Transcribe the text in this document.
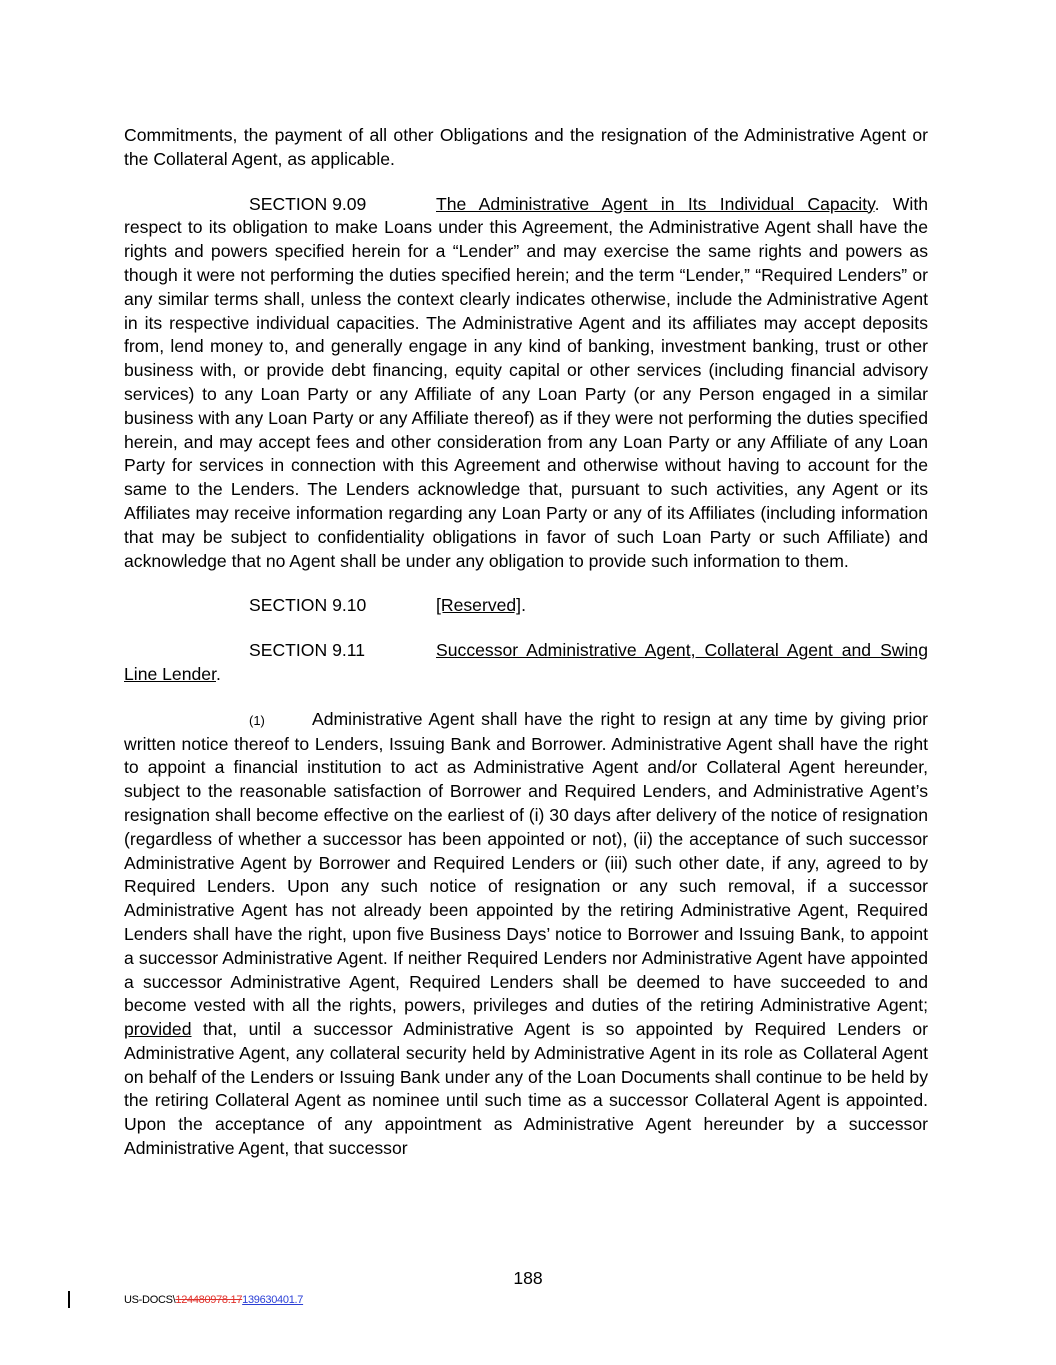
Commitments, the payment of all other Obligations and the resignation of the Administrative Agent or the Collateral Agent, as applicable.

SECTION 9.09	The Administrative Agent in Its Individual Capacity. With respect to its obligation to make Loans under this Agreement, the Administrative Agent shall have the rights and powers specified herein for a “Lender” and may exercise the same rights and powers as though it were not performing the duties specified herein; and the term “Lender,” “Required Lenders” or any similar terms shall, unless the context clearly indicates otherwise, include the Administrative Agent in its respective individual capacities. The Administrative Agent and its affiliates may accept deposits from, lend money to, and generally engage in any kind of banking, investment banking, trust or other business with, or provide debt financing, equity capital or other services (including financial advisory services) to any Loan Party or any Affiliate of any Loan Party (or any Person engaged in a similar business with any Loan Party or any Affiliate thereof) as if they were not performing the duties specified herein, and may accept fees and other consideration from any Loan Party or any Affiliate of any Loan Party for services in connection with this Agreement and otherwise without having to account for the same to the Lenders. The Lenders acknowledge that, pursuant to such activities, any Agent or its Affiliates may receive information regarding any Loan Party or any of its Affiliates (including information that may be subject to confidentiality obligations in favor of such Loan Party or such Affiliate) and acknowledge that no Agent shall be under any obligation to provide such information to them.

SECTION 9.10	[Reserved].

SECTION 9.11	Successor Administrative Agent, Collateral Agent and Swing Line Lender.

(1)	Administrative Agent shall have the right to resign at any time by giving prior written notice thereof to Lenders, Issuing Bank and Borrower. Administrative Agent shall have the right to appoint a financial institution to act as Administrative Agent and/or Collateral Agent hereunder, subject to the reasonable satisfaction of Borrower and Required Lenders, and Administrative Agent’s resignation shall become effective on the earliest of (i) 30 days after delivery of the notice of resignation (regardless of whether a successor has been appointed or not), (ii) the acceptance of such successor Administrative Agent by Borrower and Required Lenders or (iii) such other date, if any, agreed to by Required Lenders. Upon any such notice of resignation or any such removal, if a successor Administrative Agent has not already been appointed by the retiring Administrative Agent, Required Lenders shall have the right, upon five Business Days’ notice to Borrower and Issuing Bank, to appoint a successor Administrative Agent. If neither Required Lenders nor Administrative Agent have appointed a successor Administrative Agent, Required Lenders shall be deemed to have succeeded to and become vested with all the rights, powers, privileges and duties of the retiring Administrative Agent; provided that, until a successor Administrative Agent is so appointed by Required Lenders or Administrative Agent, any collateral security held by Administrative Agent in its role as Collateral Agent on behalf of the Lenders or Issuing Bank under any of the Loan Documents shall continue to be held by the retiring Collateral Agent as nominee until such time as a successor Collateral Agent is appointed. Upon the acceptance of any appointment as Administrative Agent hereunder by a successor Administrative Agent, that successor

188
US-DOCS\124480978.17139630401.7
